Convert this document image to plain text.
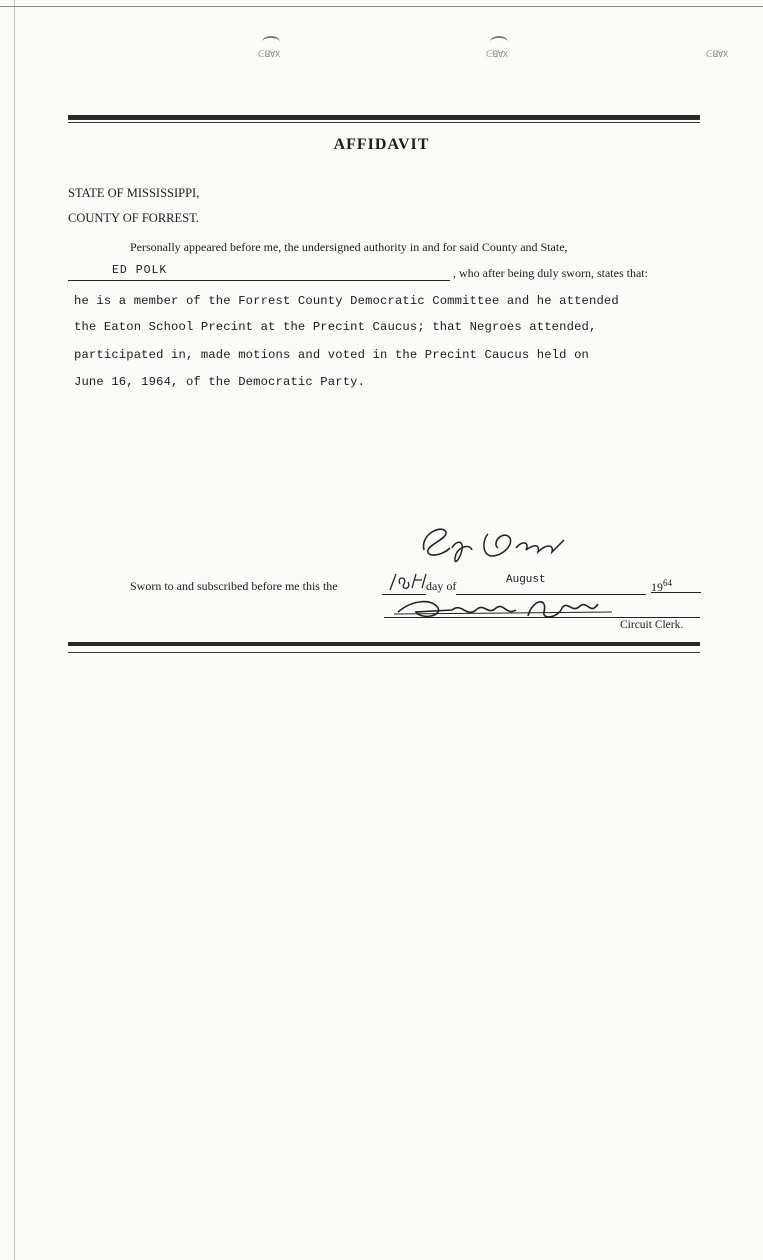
ᕮꓭ∀X	ᕮꓭ∀X	ᕮꓭ∀X
AFFIDAVIT
STATE OF MISSISSIPPI,
COUNTY OF FORREST.
Personally appeared before me, the undersigned authority in and for said County and State,
ED POLK	, who after being duly sworn, states that:
he is a member of the Forrest County Democratic Committee and he attended
the Eaton School Precint at the Precint Caucus; that Negroes attended,
participated in, made motions and voted in the Precint Caucus held on
June 16, 1964, of the Democratic Party.
Sworn to and subscribed before me this the	day of	August	$19^{64}$
Circuit Clerk.
